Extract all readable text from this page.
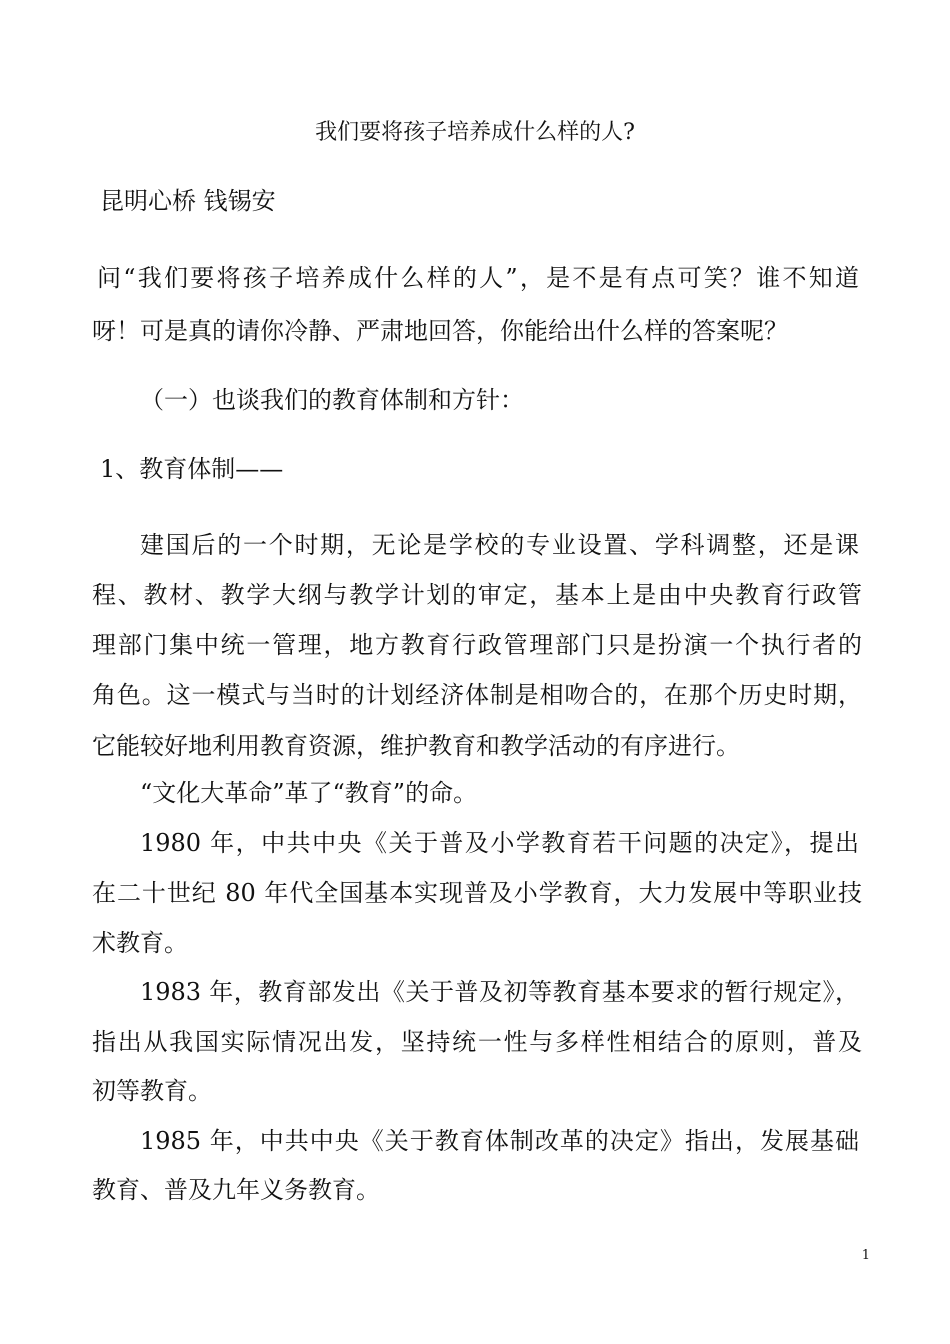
我们要将孩子培养成什么样的人?
昆明心桥 钱锡安
问“我们要将孩子培养成什么样的人”，是不是有点可笑？谁不知道
呀！可是真的请你冷静、严肃地回答，你能给出什么样的答案呢？
（一）也谈我们的教育体制和方针：
1、教育体制——
建国后的一个时期，无论是学校的专业设置、学科调整，还是课
程、教材、教学大纲与教学计划的审定，基本上是由中央教育行政管
理部门集中统一管理，地方教育行政管理部门只是扮演一个执行者的
角色。这一模式与当时的计划经济体制是相吻合的，在那个历史时期，
它能较好地利用教育资源，维护教育和教学活动的有序进行。
“文化大革命”革了“教育”的命。
1980 年，中共中央《关于普及小学教育若干问题的决定》，提出
在二十世纪 80 年代全国基本实现普及小学教育，大力发展中等职业技
术教育。
1983 年，教育部发出《关于普及初等教育基本要求的暂行规定》，
指出从我国实际情况出发，坚持统一性与多样性相结合的原则，普及
初等教育。
1985 年，中共中央《关于教育体制改革的决定》指出，发展基础
教育、普及九年义务教育。
1
